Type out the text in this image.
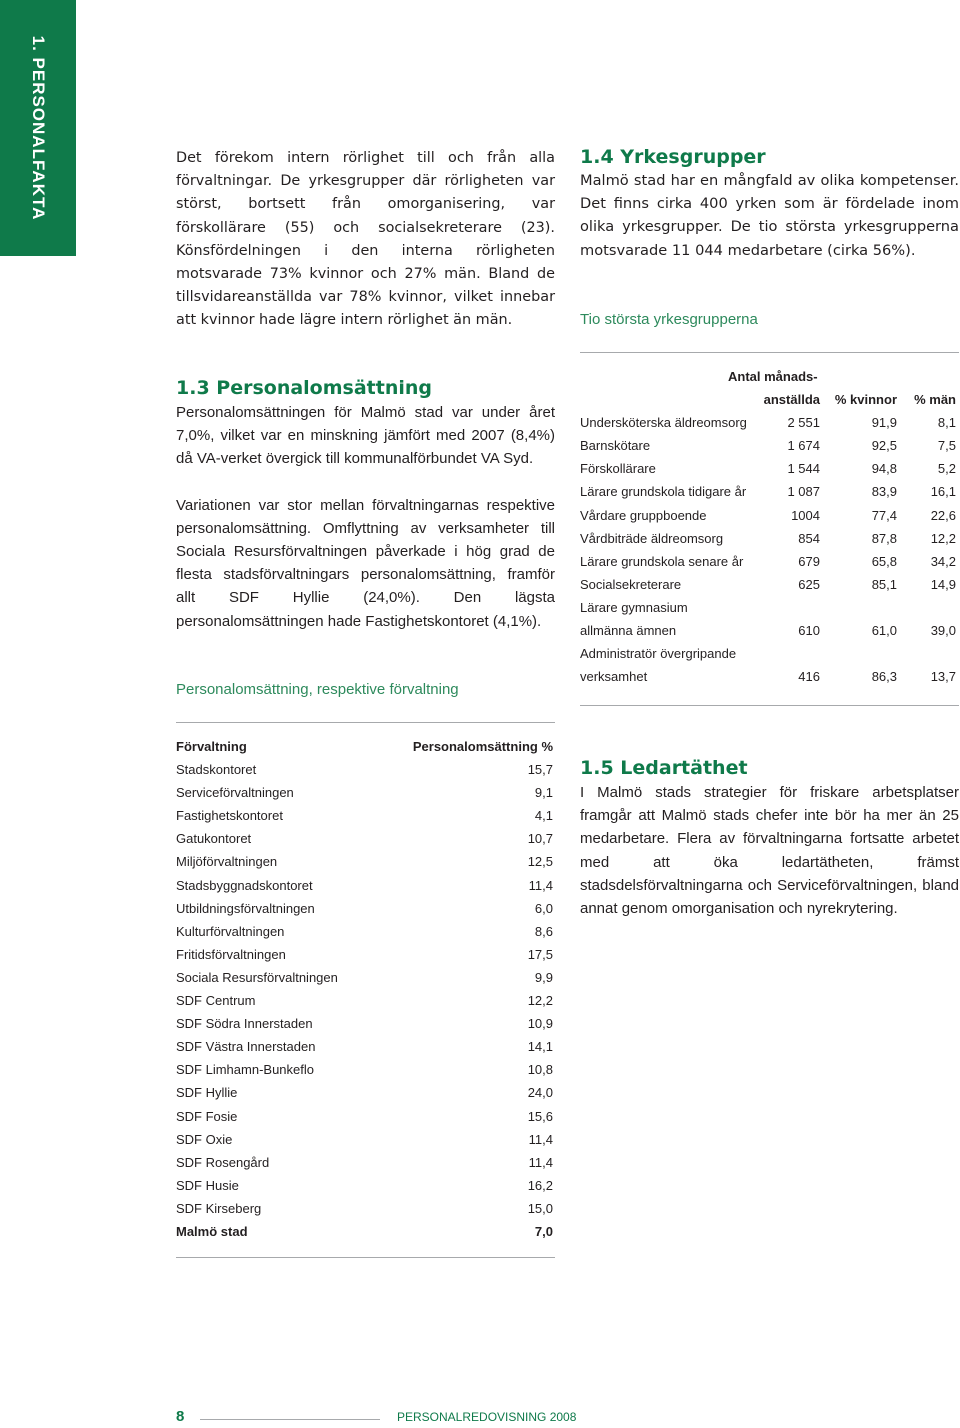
1. PERSONALFAKTA	Det förekom intern rörlighet till och från alla förvaltningar. De yrkesgrupper där rörligheten var störst, bortsett från omorganisering, var förskollärare (55) och socialsekreterare (23). Könsfördelningen i den interna rörligheten motsvarade 73% kvinnor och 27% män. Bland de tillsvidareanställda var 78% kvinnor, vilket innebar att kvinnor hade lägre intern rörlighet än män.

1.3 Personalomsättning

Personalomsättningen för Malmö stad var under året 7,0%, vilket var en minskning jämfört med 2007 (8,4%) då VA-verket övergick till kommunalförbundet VA Syd.

Variationen var stor mellan förvaltningarnas respektive personalomsättning. Omflyttning av verksamheter till Sociala Resursförvaltningen påverkade i hög grad de flesta stadsförvaltningars personalomsättning, framför allt SDF Hyllie (24,0%). Den lägsta personalomsättningen hade Fastighetskontoret (4,1%).

Personalomsättning, respektive förvaltning
Förvaltning	Personalomsättning %
Stadskontoret	15,7
Serviceförvaltningen	9,1
Fastighetskontoret	4,1
Gatukontoret	10,7
Miljöförvaltningen	12,5
Stadsbyggnadskontoret	11,4
Utbildningsförvaltningen	6,0
Kulturförvaltningen	8,6
Fritidsförvaltningen	17,5
Sociala Resursförvaltningen	9,9
SDF Centrum	12,2
SDF Södra Innerstaden	10,9
SDF Västra Innerstaden	14,1
SDF Limhamn-Bunkeflo	10,8
SDF Hyllie	24,0
SDF Fosie	15,6
SDF Oxie	11,4
SDF Rosengård	11,4
SDF Husie	16,2
SDF Kirseberg	15,0
Malmö stad	7,0
1.4 Yrkesgrupper

Malmö stad har en mångfald av olika kompetenser. Det finns cirka 400 yrken som är fördelade inom olika yrkesgrupper. De tio största yrkesgrupperna motsvarade 11 044 medarbetare (cirka 56%).

Tio största yrkesgrupperna
	Antal månads-		
	anställda	% kvinnor	% män
Undersköterska äldreomsorg	2 551	91,9	8,1
Barnskötare	1 674	92,5	7,5
Förskollärare	1 544	94,8	5,2
Lärare grundskola tidigare år	1 087	83,9	16,1
Vårdare gruppboende	1004	77,4	22,6
Vårdbiträde äldreomsorg	854	87,8	12,2
Lärare grundskola senare år	679	65,8	34,2
Socialsekreterare	625	85,1	14,9
Lärare gymnasium			
allmänna ämnen	610	61,0	39,0
Administratör övergripande			
verksamhet	416	86,3	13,7
1.5 Ledartäthet

I Malmö stads strategier för friskare arbetsplatser framgår att Malmö stads chefer inte bör ha mer än 25 medarbetare. Flera av förvaltningarna fortsatte arbetet med att öka ledartätheten, främst stadsdelsförvaltningarna och Serviceförvaltningen, bland annat genom omorganisation och nyrekrytering.

8	PERSONALREDOVISNING 2008
